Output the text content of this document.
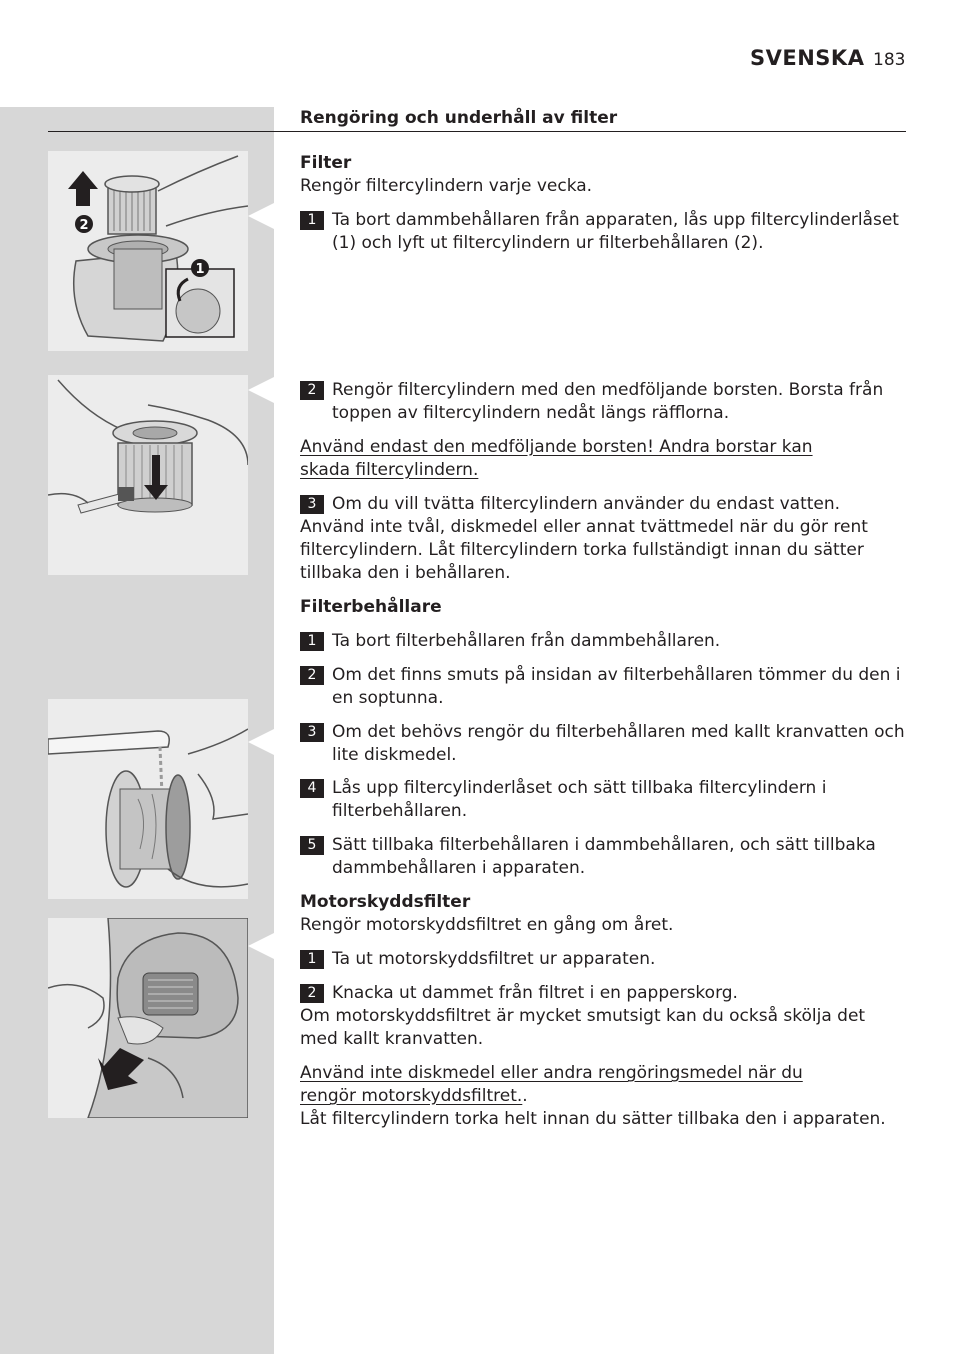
SVENSKA 183
Rengöring och underhåll av filter
2
1
Filter
Rengör filtercylindern varje vecka.
1 Ta bort dammbehållaren från apparaten, lås upp filtercylinderlåset (1) och lyft ut filtercylindern ur filterbehållaren (2).
2 Rengör filtercylindern med den medföljande borsten. Borsta från toppen av filtercylindern nedåt längs räfflorna.
Använd endast den medföljande borsten! Andra borstar kan skada filtercylindern.
3 Om du vill tvätta filtercylindern använder du endast vatten.
Använd inte tvål, diskmedel eller annat tvättmedel när du gör rent filtercylindern. Låt filtercylindern torka fullständigt innan du sätter tillbaka den i behållaren.
Filterbehållare
1 Ta bort filterbehållaren från dammbehållaren.
2 Om det finns smuts på insidan av filterbehållaren tömmer du den i en soptunna.
3 Om det behövs rengör du filterbehållaren med kallt kranvatten och lite diskmedel.
4 Lås upp filtercylinderlåset och sätt tillbaka filtercylindern i filterbehållaren.
5 Sätt tillbaka filterbehållaren i dammbehållaren, och sätt tillbaka dammbehållaren i apparaten.
Motorskyddsfilter
Rengör motorskyddsfiltret en gång om året.
1 Ta ut motorskyddsfiltret ur apparaten.
2 Knacka ut dammet från filtret i en papperskorg.
Om motorskyddsfiltret är mycket smutsigt kan du också skölja det med kallt kranvatten.
Använd inte diskmedel eller andra rengöringsmedel när du rengör motorskyddsfiltret..
Låt filtercylindern torka helt innan du sätter tillbaka den i apparaten.
